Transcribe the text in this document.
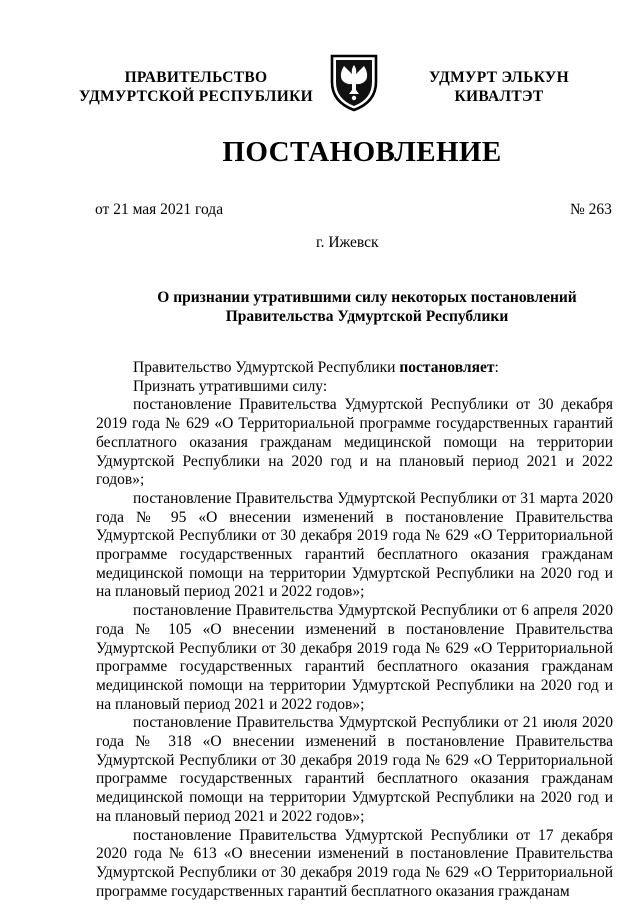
ПРАВИТЕЛЬСТВО
УДМУРТСКОЙ РЕСПУБЛИКИ
УДМУРТ ЭЛЬКУН
КИВАЛТЭТ
ПОСТАНОВЛЕНИЕ
от 21 мая 2021 года	№ 263
г. Ижевск
О признании утратившими силу некоторых постановлений
Правительства Удмуртской Республики

Правительство Удмуртской Республики постановляет:

Признать утратившими силу:

постановление Правительства Удмуртской Республики от 30 декабря 2019 года № 629 «О Территориальной программе государственных гарантий бесплатного оказания гражданам медицинской помощи на территории Удмуртской Республики на 2020 год и на плановый период 2021 и 2022 годов»;

постановление Правительства Удмуртской Республики от 31 марта 2020 года № 95 «О внесении изменений в постановление Правительства Удмуртской Республики от 30 декабря 2019 года № 629 «О Территориальной программе государственных гарантий бесплатного оказания гражданам медицинской помощи на территории Удмуртской Республики на 2020 год и на плановый период 2021 и 2022 годов»;

постановление Правительства Удмуртской Республики от 6 апреля 2020 года № 105 «О внесении изменений в постановление Правительства Удмуртской Республики от 30 декабря 2019 года № 629 «О Территориальной программе государственных гарантий бесплатного оказания гражданам медицинской помощи на территории Удмуртской Республики на 2020 год и на плановый период 2021 и 2022 годов»;

постановление Правительства Удмуртской Республики от 21 июля 2020 года № 318 «О внесении изменений в постановление Правительства Удмуртской Республики от 30 декабря 2019 года № 629 «О Территориальной программе государственных гарантий бесплатного оказания гражданам медицинской помощи на территории Удмуртской Республики на 2020 год и на плановый период 2021 и 2022 годов»;

постановление Правительства Удмуртской Республики от 17 декабря 2020 года № 613 «О внесении изменений в постановление Правительства Удмуртской Республики от 30 декабря 2019 года № 629 «О Территориальной программе государственных гарантий бесплатного оказания гражданам
